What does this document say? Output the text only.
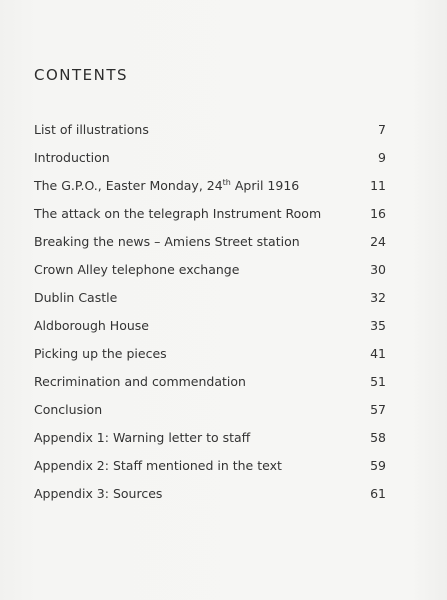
CONTENTS
List of illustrations	7
Introduction	9
The G.P.O., Easter Monday, 24th April 1916	11
The attack on the telegraph Instrument Room	16
Breaking the news – Amiens Street station	24
Crown Alley telephone exchange	30
Dublin Castle	32
Aldborough House	35
Picking up the pieces	41
Recrimination and commendation	51
Conclusion	57
Appendix 1: Warning letter to staff	58
Appendix 2: Staff mentioned in the text	59
Appendix 3: Sources	61
